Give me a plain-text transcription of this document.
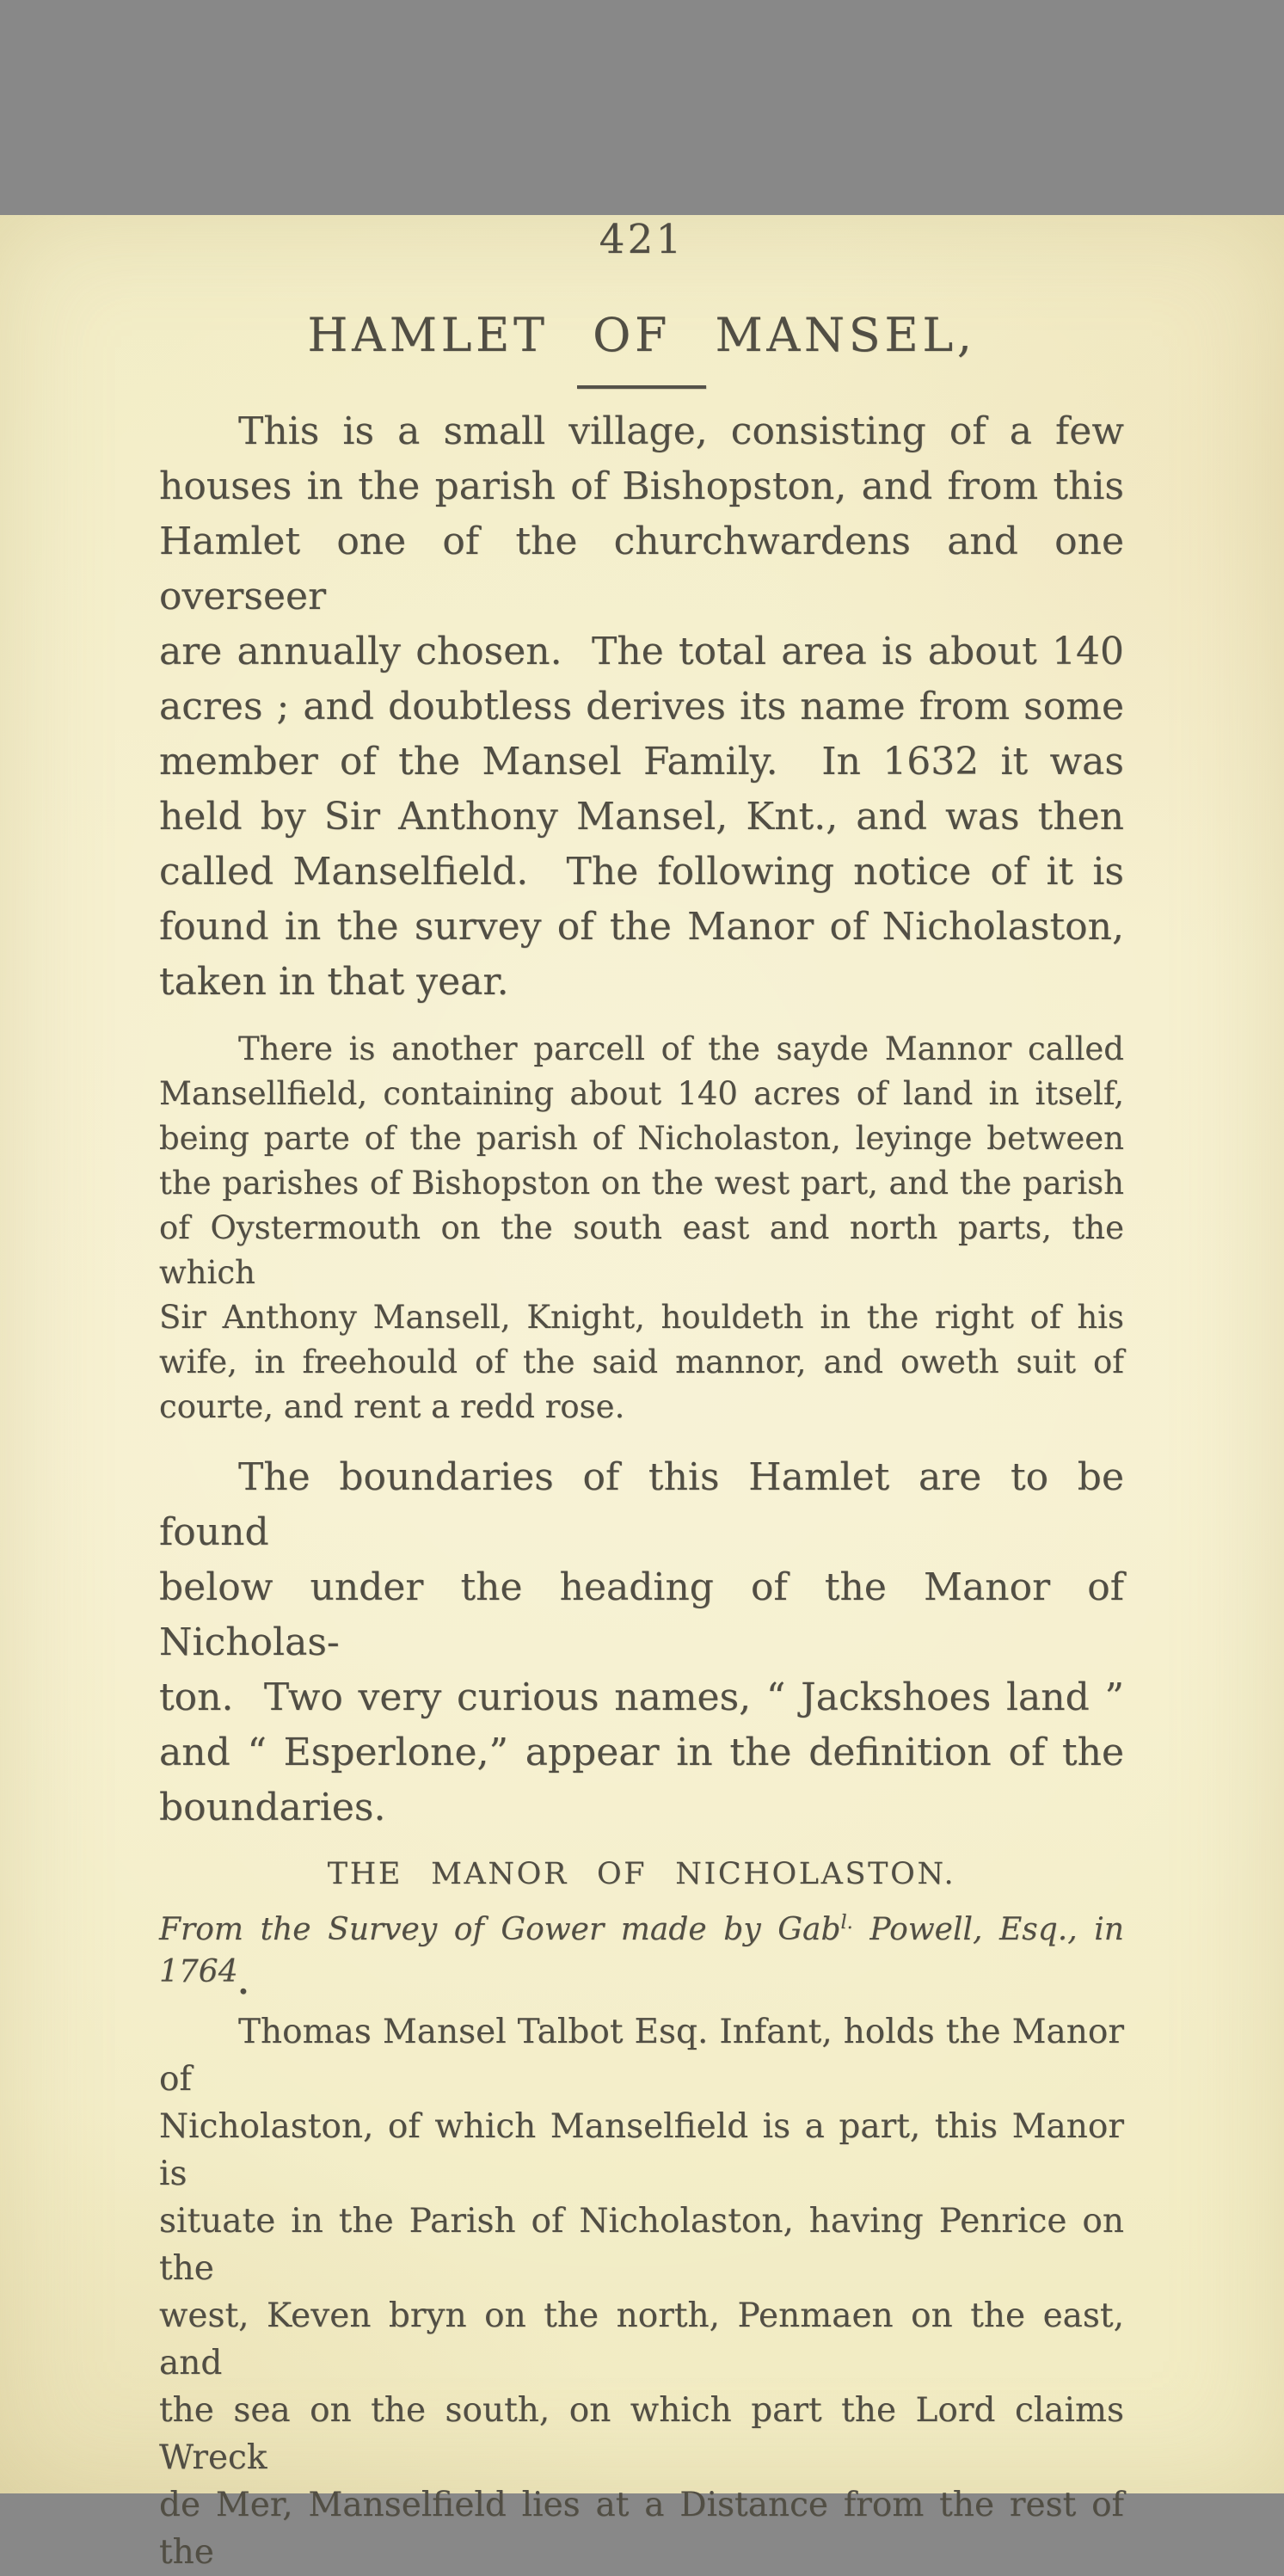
421
HAMLET OF MANSEL,
This is a small village, consisting of a few
houses in the parish of Bishopston, and from this
Hamlet one of the churchwardens and one overseer
are annually chosen.  The total area is about 140
acres ; and doubtless derives its name from some
member of the Mansel Family.  In 1632 it was
held by Sir Anthony Mansel, Knt., and was then
called Manselfield.  The following notice of it is
found in the survey of the Manor of Nicholaston,
taken in that year.
There is another parcell of the sayde Mannor called
Mansellfield, containing about 140 acres of land in itself,
being parte of the parish of Nicholaston, leyinge between
the parishes of Bishopston on the west part, and the parish
of Oystermouth on the south east and north parts, the which
Sir Anthony Mansell, Knight, houldeth in the right of his
wife, in freehould of the said mannor, and oweth suit of
courte, and rent a redd rose.
The boundaries of this Hamlet are to be found
below under the heading of the Manor of Nicholas-
ton.  Two very curious names, “ Jackshoes land ”
and “ Esperlone,” appear in the definition of the
boundaries.
THE MANOR OF NICHOLASTON.
From the Survey of Gower made by Gab$^{l.}$ Powell, Esq., in 1764.
Thomas Mansel Talbot Esq. Infant, holds the Manor of
Nicholaston, of which Manselfield is a part, this Manor is
situate in the Parish of Nicholaston, having Penrice on the
west, Keven bryn on the north, Penmaen on the east, and
the sea on the south, on which part the Lord claims Wreck
de Mer, Manselfield lies at a Distance from the rest of the
